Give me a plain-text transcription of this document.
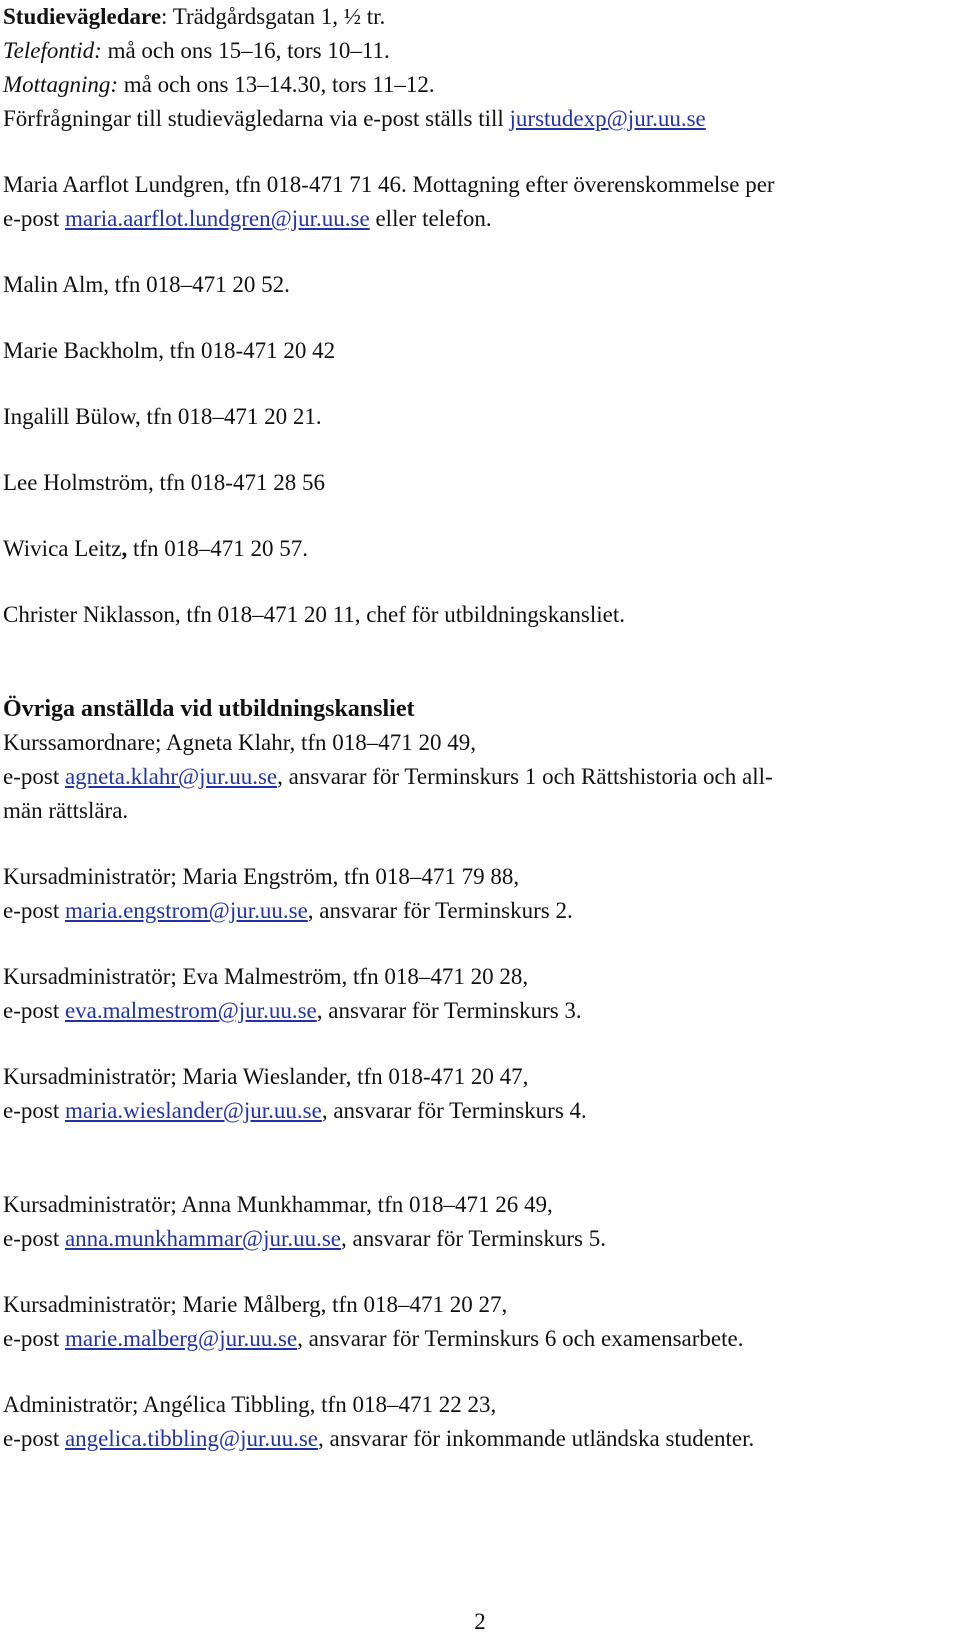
Studievägledare: Trädgårdsgatan 1, ½ tr.

Telefontid: må och ons 15–16, tors 10–11.

Mottagning: må och ons 13–14.30, tors 11–12.

Förfrågningar till studievägledarna via e-post ställs till jurstudexp@jur.uu.se

Maria Aarflot Lundgren, tfn 018-471 71 46. Mottagning efter överenskommelse per

e-post maria.aarflot.lundgren@jur.uu.se eller telefon.

Malin Alm, tfn 018–471 20 52.

Marie Backholm, tfn 018-471 20 42

Ingalill Bülow, tfn 018–471 20 21.

Lee Holmström, tfn 018-471 28 56

Wivica Leitz, tfn 018–471 20 57.

Christer Niklasson, tfn 018–471 20 11, chef för utbildningskansliet.

Övriga anställda vid utbildningskansliet

Kurssamordnare; Agneta Klahr, tfn 018–471 20 49,

e-post agneta.klahr@jur.uu.se, ansvarar för Terminskurs 1 och Rättshistoria och all-

män rättslära.

Kursadministratör; Maria Engström, tfn 018–471 79 88,

e-post maria.engstrom@jur.uu.se, ansvarar för Terminskurs 2.

Kursadministratör; Eva Malmeström, tfn 018–471 20 28,

e-post eva.malmestrom@jur.uu.se, ansvarar för Terminskurs 3.

Kursadministratör; Maria Wieslander, tfn 018-471 20 47,

e-post maria.wieslander@jur.uu.se, ansvarar för Terminskurs 4.

Kursadministratör; Anna Munkhammar, tfn 018–471 26 49,

e-post anna.munkhammar@jur.uu.se, ansvarar för Terminskurs 5.

Kursadministratör; Marie Målberg, tfn 018–471 20 27,

e-post marie.malberg@jur.uu.se, ansvarar för Terminskurs 6 och examensarbete.

Administratör; Angélica Tibbling, tfn 018–471 22 23,

e-post angelica.tibbling@jur.uu.se, ansvarar för inkommande utländska studenter.

2
